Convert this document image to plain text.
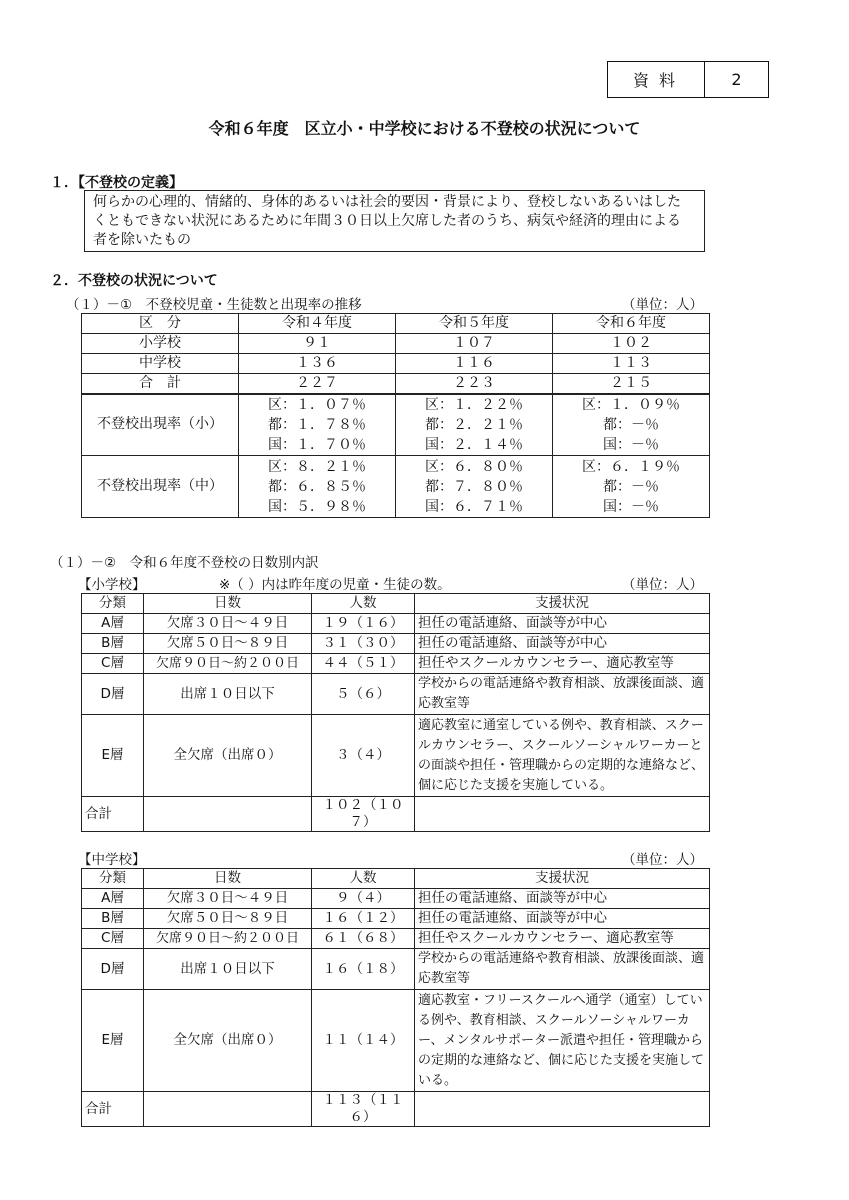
資料	2
令和６年度　区立小・中学校における不登校の状況について
１．【不登校の定義】
何らかの心理的、情緒的、身体的あるいは社会的要因・背景により、登校しないあるいはした
くともできない状況にあるために年間３０日以上欠席した者のうち、病気や経済的理由による
者を除いたもの
２．不登校の状況について
（１）－①　不登校児童・生徒数と出現率の推移	（単位：人）
区　分	令和４年度	令和５年度	令和６年度
小学校	９１	１０７	１０２
中学校	１３６	１１６	１１３
合　計	２２７	２２３	２１５
不登校出現率（小）	区：１．０７％
都：１．７８％
国：１．７０％	区：１．２２％
都：２．２１％
国：２．１４％	区：１．０９％
都：－％
国：－％

不登校出現率（中）	区：８．２１％
都：６．８５％
国：５．９８％	区：６．８０％
都：７．８０％
国：６．７１％	区：６．１９％
都：－％
国：－％
（１）－②　令和６年度不登校の日数別内訳
【小学校】	※（ ）内は昨年度の児童・生徒の数。	（単位：人）
分類	日数	人数	支援状況
A層	欠席３０日～４９日	１９（１６）	担任の電話連絡、面談等が中心
B層	欠席５０日～８９日	３１（３０）	担任の電話連絡、面談等が中心
C層	欠席９０日～約２００日	４４（５１）	担任やスクールカウンセラー、適応教室等
D層	出席１０日以下	５（６）	学校からの電話連絡や教育相談、放課後面談、適応教室等
E層	全欠席（出席０）	３（４）	適応教室に通室している例や、教育相談、スクールカウンセラー、スクールソーシャルワーカーとの面談や担任・管理職からの定期的な連絡など、個に応じた支援を実施している。
合計		１０２（１０７）	
【中学校】	（単位：人）
分類	日数	人数	支援状況
A層	欠席３０日～４９日	９（４）	担任の電話連絡、面談等が中心
B層	欠席５０日～８９日	１６（１２）	担任の電話連絡、面談等が中心
C層	欠席９０日～約２００日	６１（６８）	担任やスクールカウンセラー、適応教室等
D層	出席１０日以下	１６（１８）	学校からの電話連絡や教育相談、放課後面談、適応教室等
E層	全欠席（出席０）	１１（１４）	適応教室・フリースクールへ通学（通室）している例や、教育相談、スクールソーシャルワーカー、メンタルサポーター派遣や担任・管理職からの定期的な連絡など、個に応じた支援を実施している。
合計		１１３（１１６）	
